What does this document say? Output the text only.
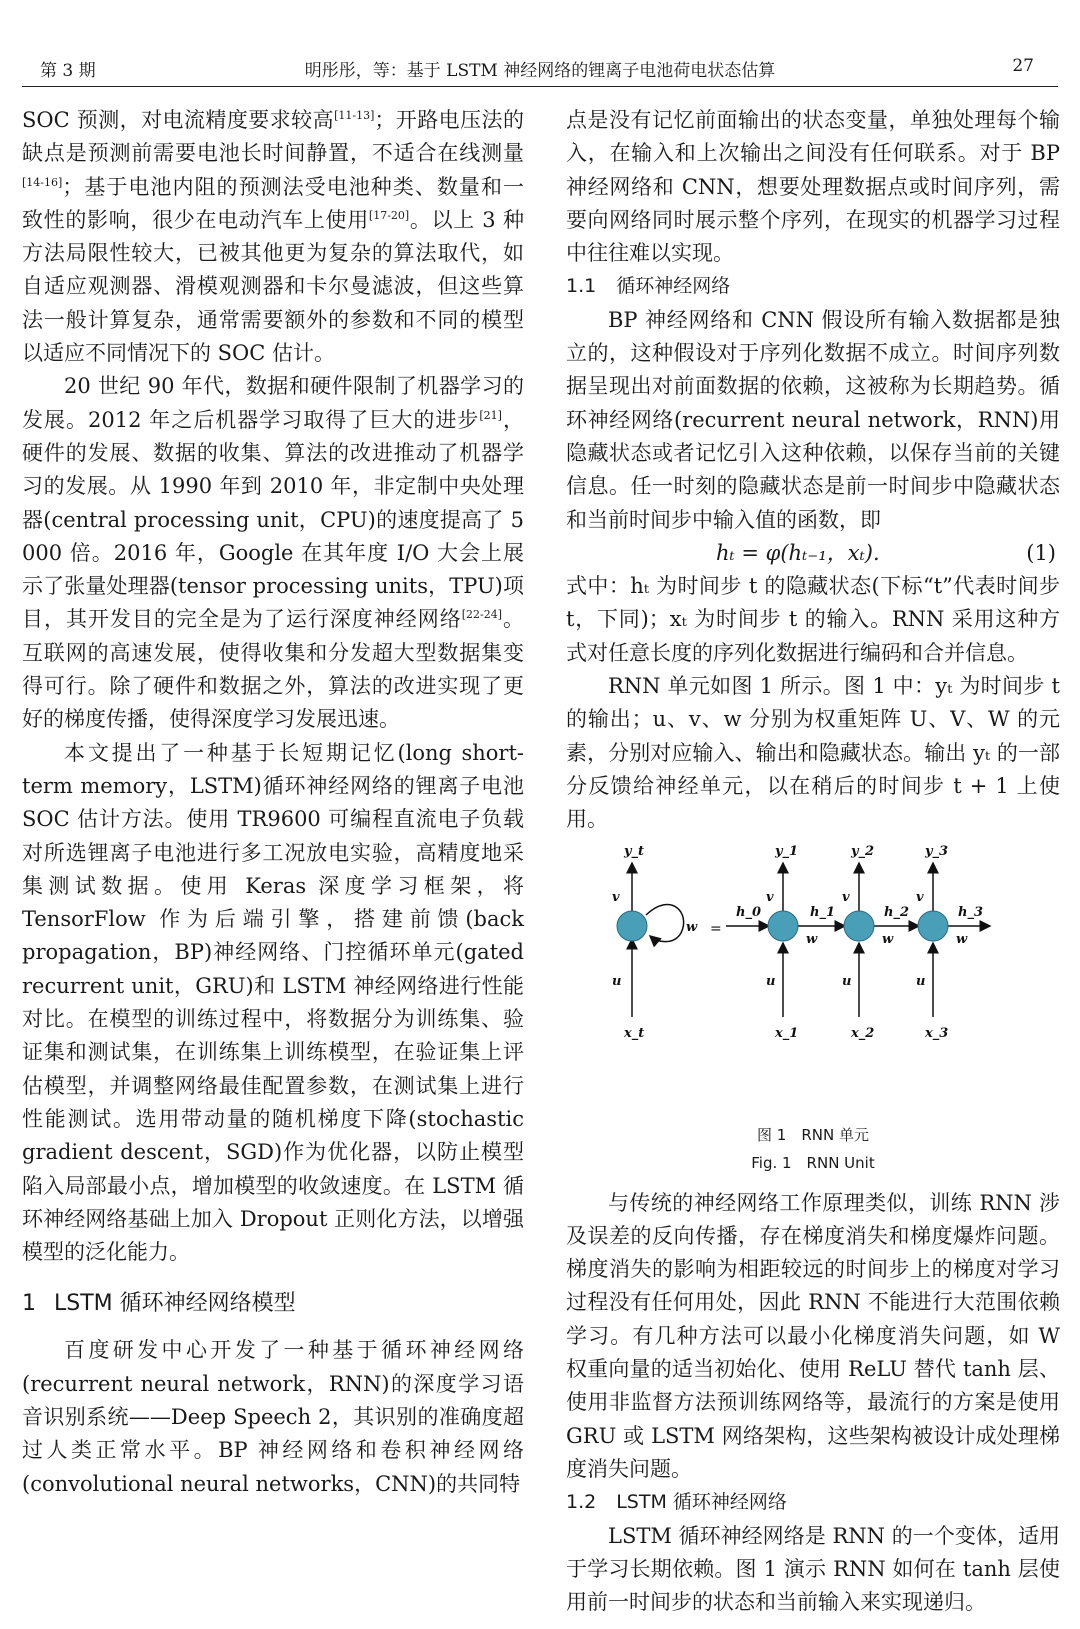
第 3 期	明彤彤，等：基于 LSTM 神经网络的锂离子电池荷电状态估算	27

SOC 预测，对电流精度要求较高[11-13]；开路电压法的缺点是预测前需要电池长时间静置，不适合在线测量[14-16]；基于电池内阻的预测法受电池种类、数量和一致性的影响，很少在电动汽车上使用[17-20]。以上 3 种方法局限性较大，已被其他更为复杂的算法取代，如自适应观测器、滑模观测器和卡尔曼滤波，但这些算法一般计算复杂，通常需要额外的参数和不同的模型以适应不同情况下的 SOC 估计。

20 世纪 90 年代，数据和硬件限制了机器学习的发展。2012 年之后机器学习取得了巨大的进步[21]，硬件的发展、数据的收集、算法的改进推动了机器学习的发展。从 1990 年到 2010 年，非定制中央处理器(central processing unit，CPU)的速度提高了 5 000 倍。2016 年，Google 在其年度 I/O 大会上展示了张量处理器(tensor processing units，TPU)项目，其开发目的完全是为了运行深度神经网络[22-24]。互联网的高速发展，使得收集和分发超大型数据集变得可行。除了硬件和数据之外，算法的改进实现了更好的梯度传播，使得深度学习发展迅速。

本文提出了一种基于长短期记忆(long short-term memory，LSTM)循环神经网络的锂离子电池 SOC 估计方法。使用 TR9600 可编程直流电子负载对所选锂离子电池进行多工况放电实验，高精度地采集测试数据。使用 Keras 深度学习框架，将 TensorFlow 作为后端引擎，搭建前馈(back propagation，BP)神经网络、门控循环单元(gated recurrent unit，GRU)和 LSTM 神经网络进行性能对比。在模型的训练过程中，将数据分为训练集、验证集和测试集，在训练集上训练模型，在验证集上评估模型，并调整网络最佳配置参数，在测试集上进行性能测试。选用带动量的随机梯度下降(stochastic gradient descent，SGD)作为优化器，以防止模型陷入局部最小点，增加模型的收敛速度。在 LSTM 循环神经网络基础上加入 Dropout 正则化方法，以增强模型的泛化能力。

1 LSTM 循环神经网络模型

百度研发中心开发了一种基于循环神经网络(recurrent neural network，RNN)的深度学习语音识别系统——Deep Speech 2，其识别的准确度超过人类正常水平。BP 神经网络和卷积神经网络(convolutional neural networks，CNN)的共同特

点是没有记忆前面输出的状态变量，单独处理每个输入，在输入和上次输出之间没有任何联系。对于 BP 神经网络和 CNN，想要处理数据点或时间序列，需要向网络同时展示整个序列，在现实的机器学习过程中往往难以实现。

1.1 循环神经网络

BP 神经网络和 CNN 假设所有输入数据都是独立的，这种假设对于序列化数据不成立。时间序列数据呈现出对前面数据的依赖，这被称为长期趋势。循环神经网络(recurrent neural network，RNN)用隐藏状态或者记忆引入这种依赖，以保存当前的关键信息。任一时刻的隐藏状态是前一时间步中隐藏状态和当前时间步中输入值的函数，即

hₜ = φ(hₜ₋₁，xₜ).	(1)

式中：hₜ 为时间步 t 的隐藏状态(下标“t”代表时间步 t，下同)；xₜ 为时间步 t 的输入。RNN 采用这种方式对任意长度的序列化数据进行编码和合并信息。

RNN 单元如图 1 所示。图 1 中：yₜ 为时间步 t 的输出；u、v、w 分别为权重矩阵 U、V、W 的元素，分别对应输入、输出和隐藏状态。输出 yₜ 的一部分反馈给神经单元，以在稍后的时间步 t + 1 上使用。

y_t
x_t
v
u
w =
y_1	y_2	y_3
x_1	x_2	x_3
h_0	h_1	h_2	h_3
v	v	v
u	u	u
w	w	w
图 1　RNN 单元
Fig. 1　RNN Unit

与传统的神经网络工作原理类似，训练 RNN 涉及误差的反向传播，存在梯度消失和梯度爆炸问题。梯度消失的影响为相距较远的时间步上的梯度对学习过程没有任何用处，因此 RNN 不能进行大范围依赖学习。有几种方法可以最小化梯度消失问题，如 W 权重向量的适当初始化、使用 ReLU 替代 tanh 层、使用非监督方法预训练网络等，最流行的方案是使用 GRU 或 LSTM 网络架构，这些架构被设计成处理梯度消失问题。

1.2 LSTM 循环神经网络

LSTM 循环神经网络是 RNN 的一个变体，适用于学习长期依赖。图 1 演示 RNN 如何在 tanh 层使用前一时间步的状态和当前输入来实现递归。
